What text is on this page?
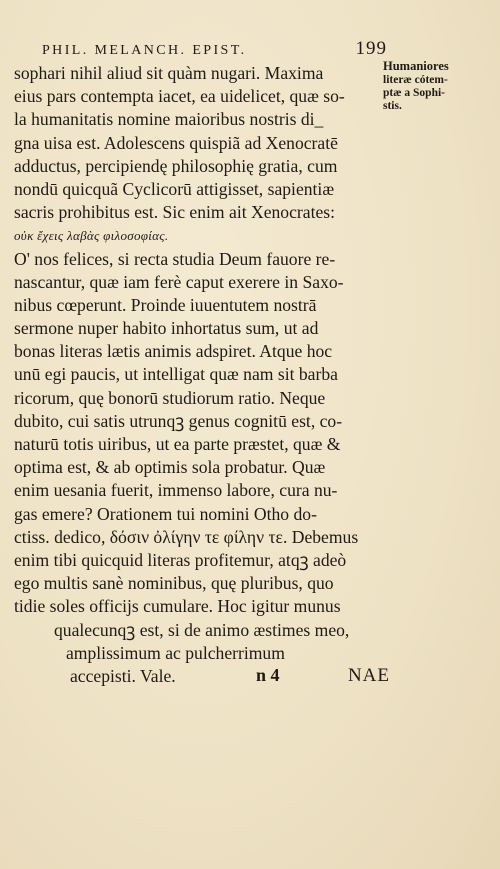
PHIL. MELANCH. EPIST.	199
Humaniores
literæ cótem-
ptæ a Sophi-
stis.
sophari nihil aliud sit quàm nugari. Maxima
eius pars contempta iacet, ea uidelicet, quæ so-
la humanitatis nomine maioribus nostris di_
gna uisa est. Adolescens quispiã ad Xenocratē
adductus, percipiendę philosophię gratia, cum
nondū quicquã Cyclicorū attigisset, sapientiæ
sacris prohibitus est. Sic enim ait Xenocrates:
οὐκ ἔχεις λαβὰς φιλοσοφίας.
O' nos felices, si recta studia Deum fauore re-
nascantur, quæ iam ferè caput exerere in Saxo-
nibus cœperunt. Proinde iuuentutem nostrā
sermone nuper habito inhortatus sum, ut ad
bonas literas lætis animis adspiret. Atque hoc
unū egi paucis, ut intelligat quæ nam sit barba
ricorum, quę bonorū studiorum ratio. Neque
dubito, cui satis utrunqꝫ genus cognitū est, co-
naturū totis uiribus, ut ea parte præstet, quæ &
optima est, & ab optimis sola probatur. Quæ
enim uesania fuerit, immenso labore, cura nu-
gas emere? Orationem tui nomini Otho do-
ctiss. dedico, δόσιν ὀλίγην τε φίλην τε. Debemus
enim tibi quicquid literas profitemur, atqꝫ adeò
ego multis sanè nominibus, quę pluribus, quo
tidie soles officijs cumulare. Hoc igitur munus
qualecunqꝫ est, si de animo æstimes meo,
amplissimum ac pulcherrimum
accepisti. Vale.	n 4	NAE
